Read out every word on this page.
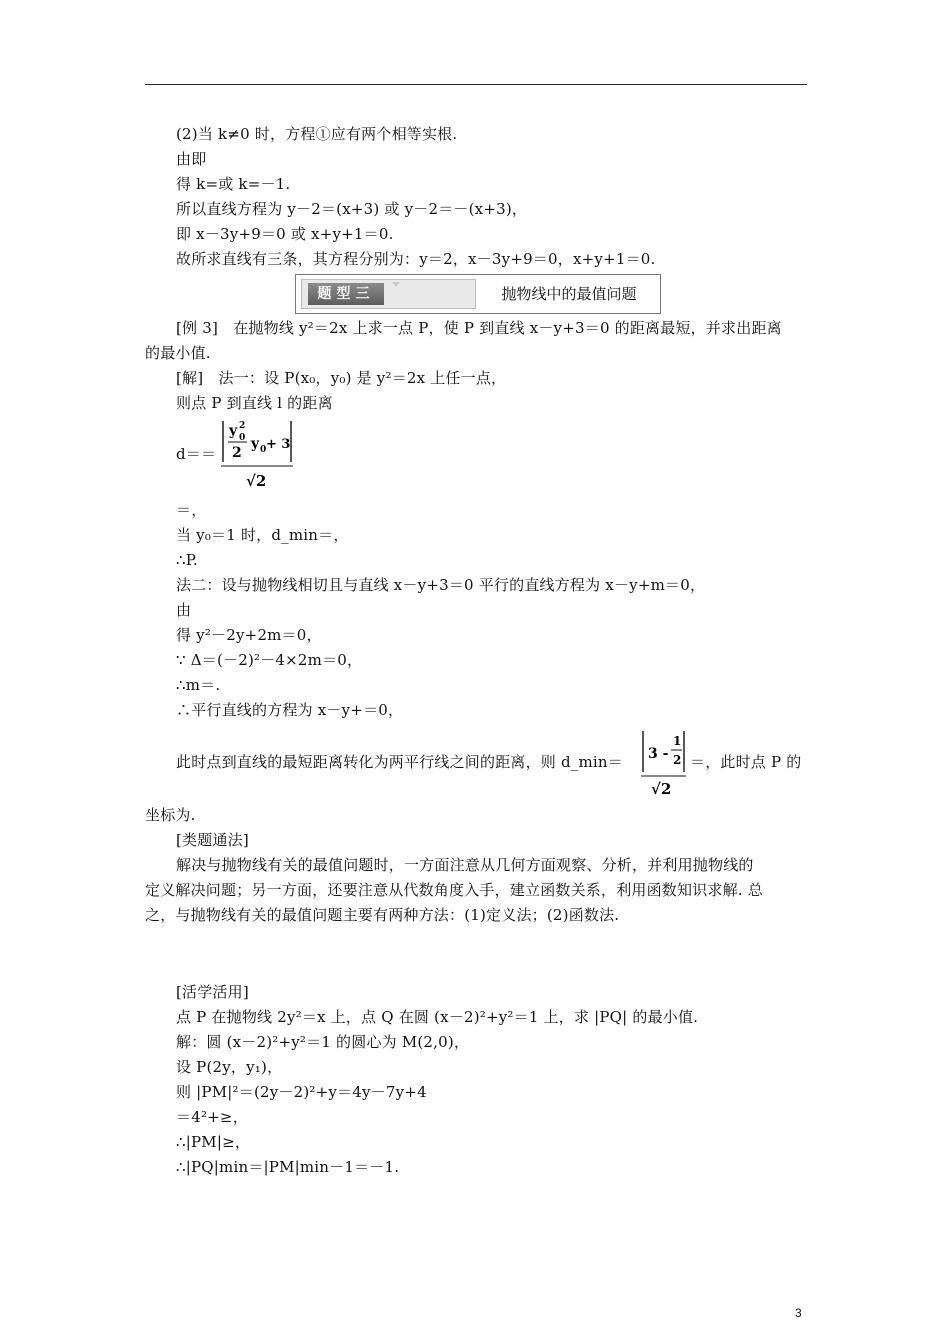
(2)当 k≠0 时，方程①应有两个相等实根.
由即
得 k=或 k=－1.
所以直线方程为 y－2＝(x+3) 或 y－2＝－(x+3)，
即 x－3y+9＝0 或 x+y+1＝0.
故所求直线有三条，其方程分别为：y＝2，x－3y+9＝0，x+y+1＝0.
题型三	抛物线中的最值问题
[例 3]　在抛物线 y²＝2x 上求一点 P，使 P 到直线 x－y+3＝0 的距离最短，并求出距离
的最小值.
[解]　法一：设 P(x₀，y₀) 是 y²＝2x 上任一点，
则点 P 到直线 l 的距离
d＝＝
y 2
0
2
y 0 + 3
√2
＝，
当 y₀＝1 时，d_min＝，
∴P.
法二：设与抛物线相切且与直线 x－y+3＝0 平行的直线方程为 x－y+m＝0，
由
得 y²－2y+2m＝0，
∵ Δ＝(－2)²－4×2m＝0，
∴m＝.
∴平行直线的方程为 x－y+＝0，
此时点到直线的最短距离转化为两平行线之间的距离，则 d_min＝ 3 -
1
2
√2
＝，此时点 P 的
坐标为.
[类题通法]
解决与抛物线有关的最值问题时，一方面注意从几何方面观察、分析，并利用抛物线的
定义解决问题；另一方面，还要注意从代数角度入手，建立函数关系，利用函数知识求解. 总
之，与抛物线有关的最值问题主要有两种方法：(1)定义法；(2)函数法.
[活学活用]
点 P 在抛物线 2y²＝x 上，点 Q 在圆 (x－2)²+y²＝1 上，求 |PQ| 的最小值.
解：圆 (x－2)²+y²＝1 的圆心为 M(2,0)，
设 P(2y，y₁)，
则 |PM|²＝(2y－2)²+y＝4y－7y+4
＝4²+≥，
∴|PM|≥，
∴|PQ|min＝|PM|min－1＝－1.
3
